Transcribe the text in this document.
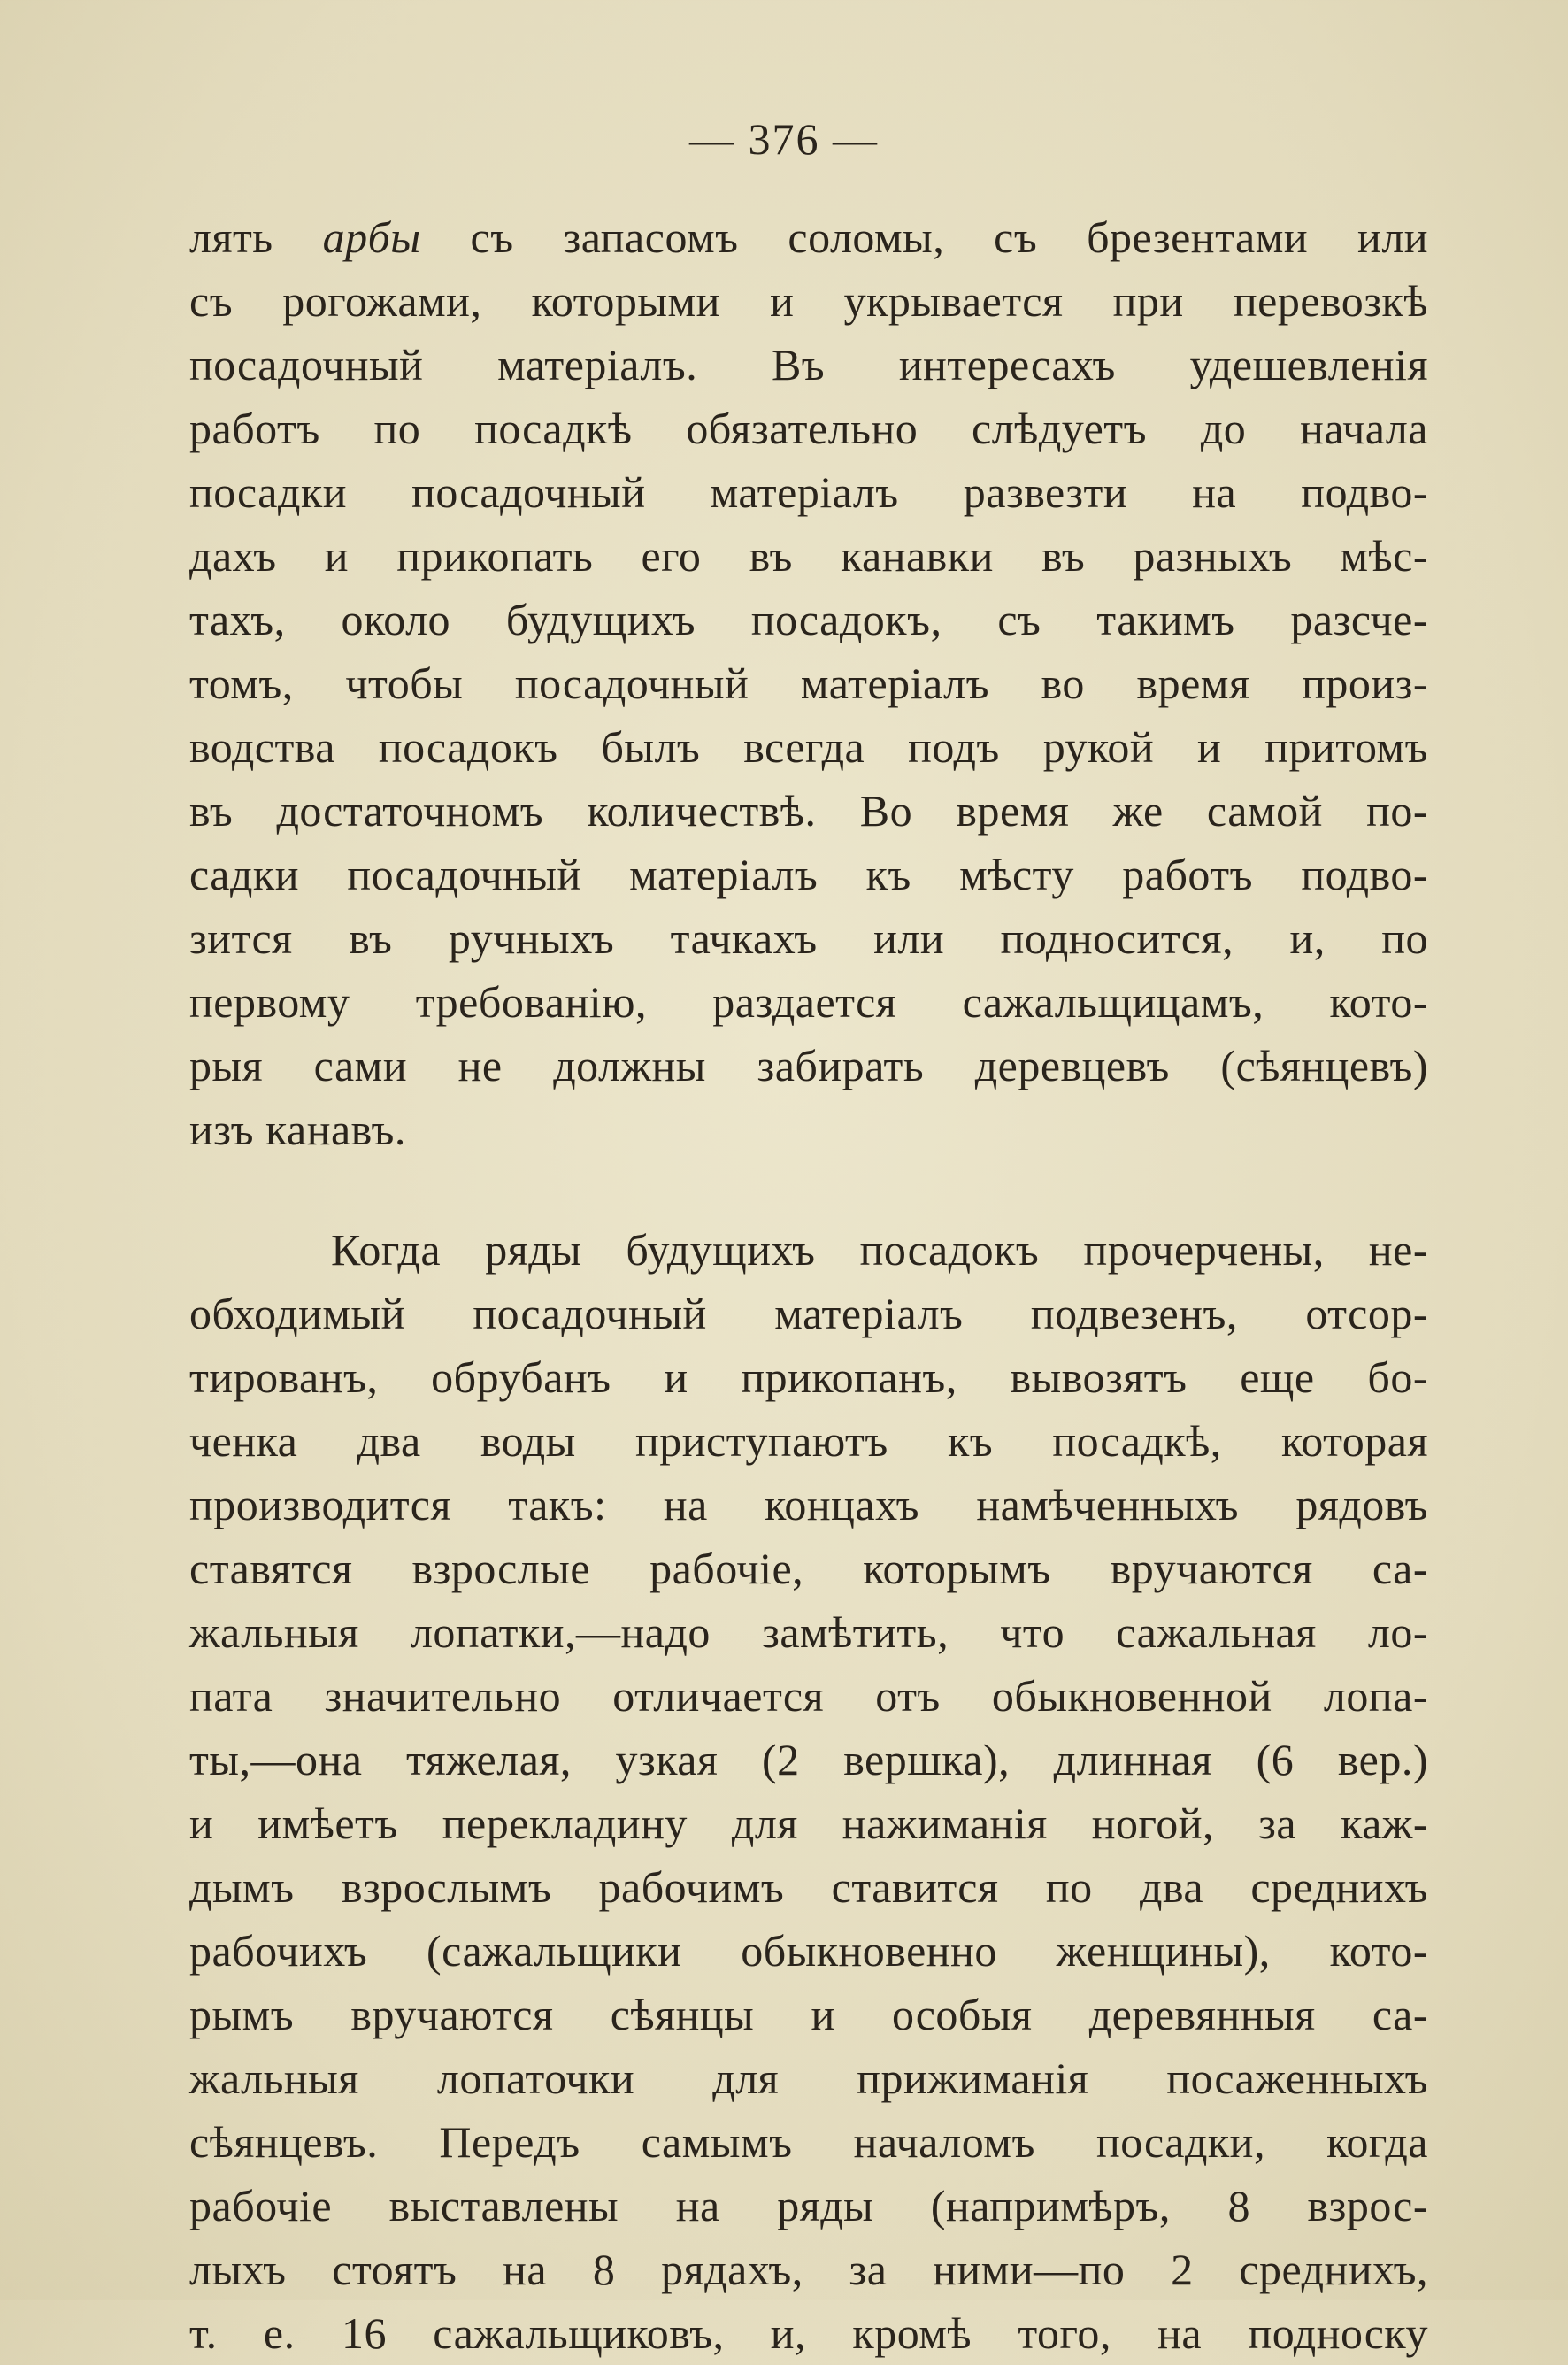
— 376 —
лять арбы съ запасомъ соломы, съ брезентами или
съ рогожами, которыми и укрывается при перевозкѣ
посадочный матеріалъ. Въ интересахъ удешевленія
работъ по посадкѣ обязательно слѣдуетъ до начала
посадки посадочный матеріалъ развезти на подво-
дахъ и прикопать его въ канавки въ разныхъ мѣс-
тахъ, около будущихъ посадокъ, съ такимъ разсче-
томъ, чтобы посадочный матеріалъ во время произ-
водства посадокъ былъ всегда подъ рукой и притомъ
въ достаточномъ количествѣ. Во время же самой по-
садки посадочный матеріалъ къ мѣсту работъ подво-
зится въ ручныхъ тачкахъ или подносится, и, по
первому требованію, раздается сажальщицамъ, кото-
рыя сами не должны забирать деревцевъ (сѣянцевъ)
изъ канавъ.
Когда ряды будущихъ посадокъ прочерчены, не-
обходимый посадочный матеріалъ подвезенъ, отсор-
тированъ, обрубанъ и прикопанъ, вывозятъ еще бо-
ченка два воды приступаютъ къ посадкѣ, которая
производится такъ: на концахъ намѣченныхъ рядовъ
ставятся взрослые рабочіе, которымъ вручаются са-
жальныя лопатки,—надо замѣтить, что сажальная ло-
пата значительно отличается отъ обыкновенной лопа-
ты,—она тяжелая, узкая (2 вершка), длинная (6 вер.)
и имѣетъ перекладину для нажиманія ногой, за каж-
дымъ взрослымъ рабочимъ ставится по два среднихъ
рабочихъ (сажальщики обыкновенно женщины), кото-
рымъ вручаются сѣянцы и особыя деревянныя са-
жальныя лопаточки для прижиманія посаженныхъ
сѣянцевъ. Передъ самымъ началомъ посадки, когда
рабочіе выставлены на ряды (напримѣръ, 8 взрос-
лыхъ стоятъ на 8 рядахъ, за ними—по 2 среднихъ,
т. е. 16 сажальщиковъ, и, кромѣ того, на подноску
